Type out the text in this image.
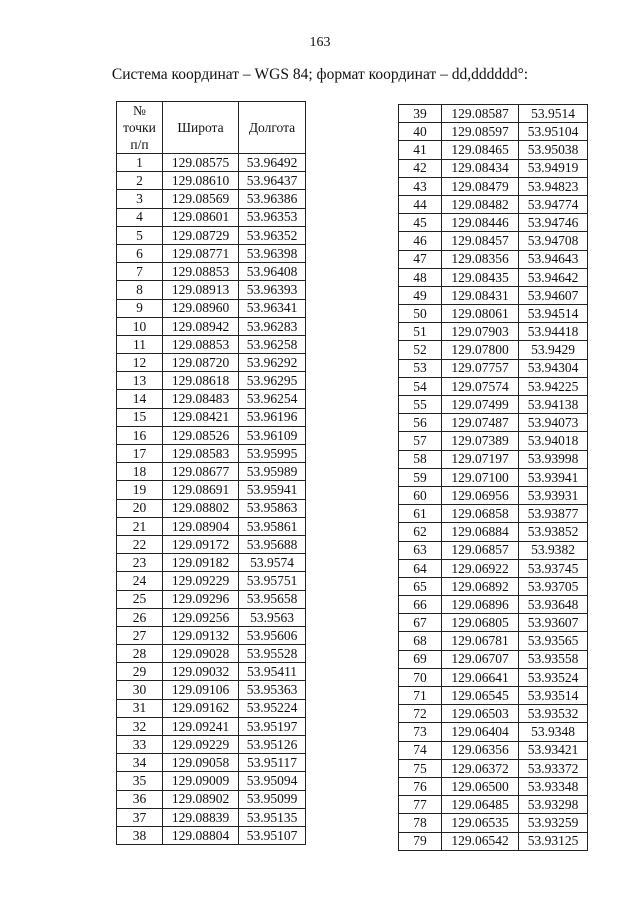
163
Система координат – WGS 84; формат координат – dd,dddddd°:
№
точки
п/п	Широта	Долгота
1	129.08575	53.96492
2	129.08610	53.96437
3	129.08569	53.96386
4	129.08601	53.96353
5	129.08729	53.96352
6	129.08771	53.96398
7	129.08853	53.96408
8	129.08913	53.96393
9	129.08960	53.96341
10	129.08942	53.96283
11	129.08853	53.96258
12	129.08720	53.96292
13	129.08618	53.96295
14	129.08483	53.96254
15	129.08421	53.96196
16	129.08526	53.96109
17	129.08583	53.95995
18	129.08677	53.95989
19	129.08691	53.95941
20	129.08802	53.95863
21	129.08904	53.95861
22	129.09172	53.95688
23	129.09182	53.9574
24	129.09229	53.95751
25	129.09296	53.95658
26	129.09256	53.9563
27	129.09132	53.95606
28	129.09028	53.95528
29	129.09032	53.95411
30	129.09106	53.95363
31	129.09162	53.95224
32	129.09241	53.95197
33	129.09229	53.95126
34	129.09058	53.95117
35	129.09009	53.95094
36	129.08902	53.95099
37	129.08839	53.95135
38	129.08804	53.95107
39	129.08587	53.9514
40	129.08597	53.95104
41	129.08465	53.95038
42	129.08434	53.94919
43	129.08479	53.94823
44	129.08482	53.94774
45	129.08446	53.94746
46	129.08457	53.94708
47	129.08356	53.94643
48	129.08435	53.94642
49	129.08431	53.94607
50	129.08061	53.94514
51	129.07903	53.94418
52	129.07800	53.9429
53	129.07757	53.94304
54	129.07574	53.94225
55	129.07499	53.94138
56	129.07487	53.94073
57	129.07389	53.94018
58	129.07197	53.93998
59	129.07100	53.93941
60	129.06956	53.93931
61	129.06858	53.93877
62	129.06884	53.93852
63	129.06857	53.9382
64	129.06922	53.93745
65	129.06892	53.93705
66	129.06896	53.93648
67	129.06805	53.93607
68	129.06781	53.93565
69	129.06707	53.93558
70	129.06641	53.93524
71	129.06545	53.93514
72	129.06503	53.93532
73	129.06404	53.9348
74	129.06356	53.93421
75	129.06372	53.93372
76	129.06500	53.93348
77	129.06485	53.93298
78	129.06535	53.93259
79	129.06542	53.93125
